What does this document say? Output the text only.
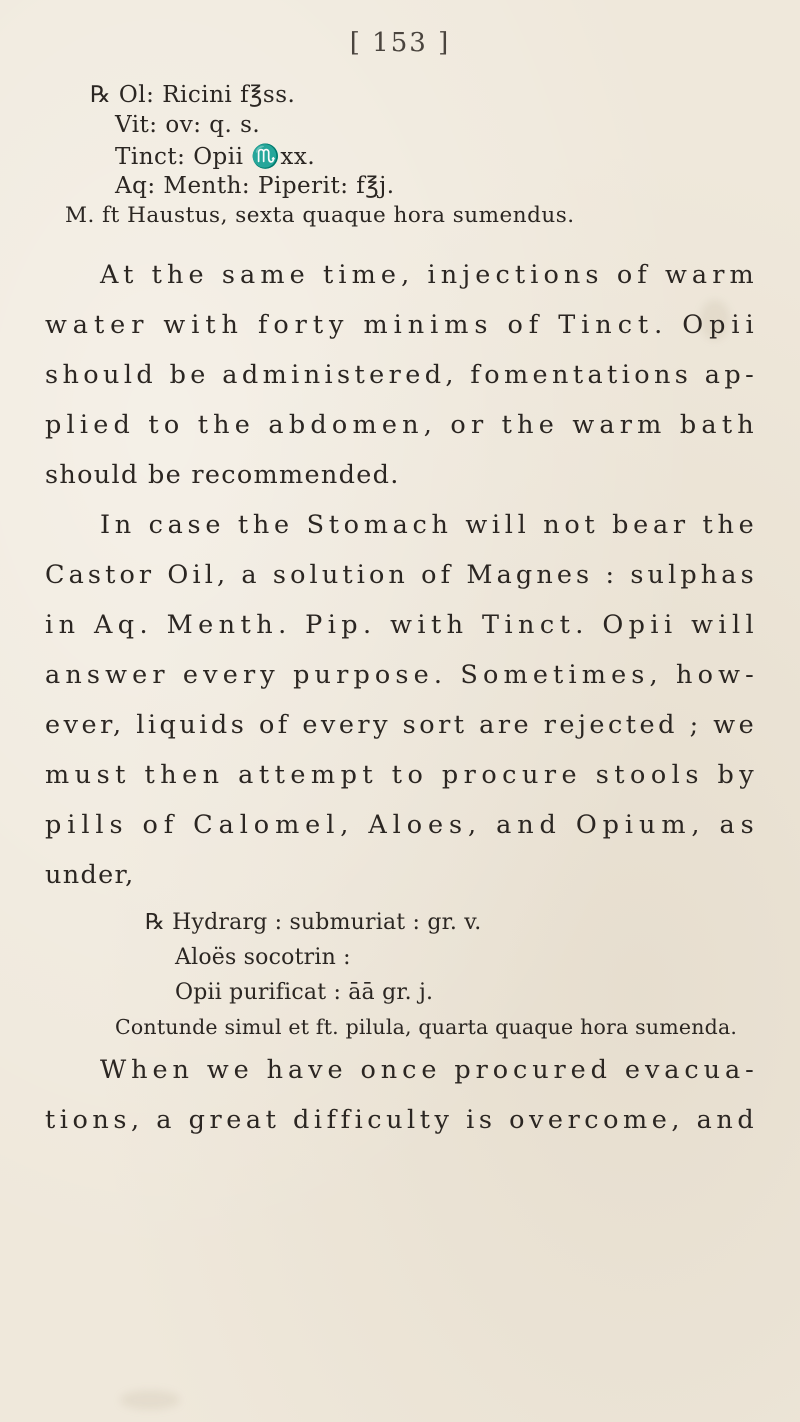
[ 153 ]
℞ Ol: Ricini f℥ss.
Vit: ov: q. s.
Tinct: Opii ♏xx.
Aq: Menth: Piperit: f℥j.
M. ft Haustus, sexta quaque hora sumendus.
At the same time, injections of warm
water with forty minims of Tinct. Opii
should be administered, fomentations ap-
plied to the abdomen, or the warm bath
should be recommended.
In case the Stomach will not bear the
Castor Oil, a solution of Magnes : sulphas
in Aq. Menth. Pip. with Tinct. Opii will
answer every purpose. Sometimes, how-
ever, liquids of every sort are rejected ; we
must then attempt to procure stools by
pills of Calomel, Aloes, and Opium, as
under,
℞ Hydrarg : submuriat : gr. v.
Aloës socotrin :
Opii purificat : āā gr. j.
Contunde simul et ft. pilula, quarta quaque hora sumenda.
When we have once procured evacua-
tions, a great difficulty is overcome, and
